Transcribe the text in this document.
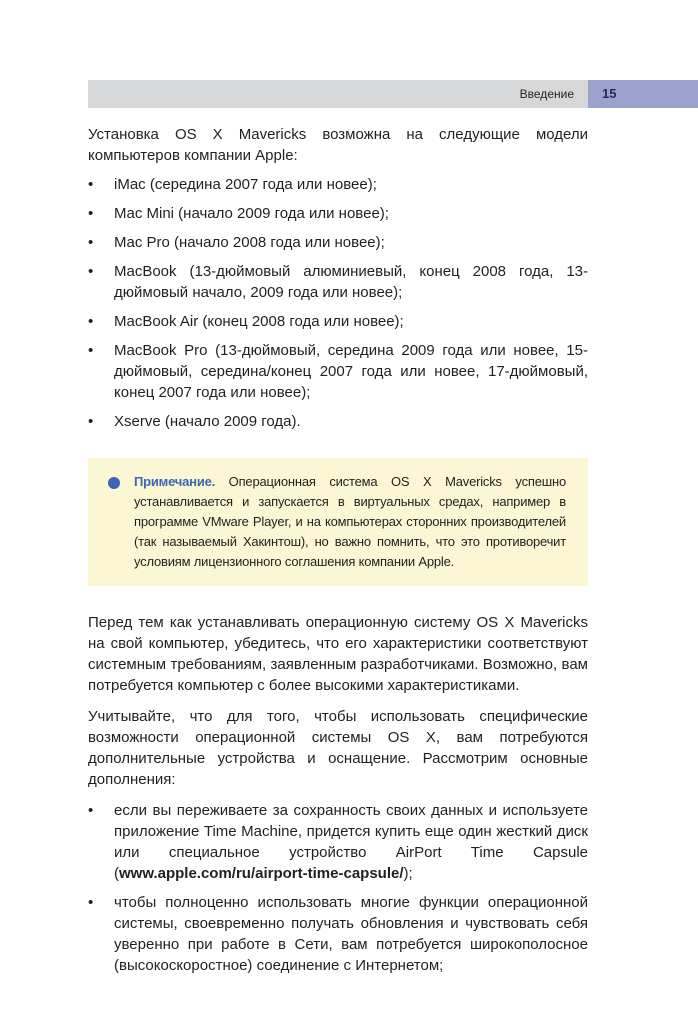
Введение 15

Установка OS X Mavericks возможна на следующие модели компьютеров компании Apple:

• iMac (середина 2007 года или новее);
• Mac Mini (начало 2009 года или новее);
• Mac Pro (начало 2008 года или новее);
• MacBook (13-дюймовый алюминиевый, конец 2008 года, 13-дюймовый начало, 2009 года или новее);
• MacBook Air (конец 2008 года или новее);
• MacBook Pro (13-дюймовый, середина 2009 года или новее, 15-дюймовый, середина/конец 2007 года или новее, 17-дюймовый, конец 2007 года или новее);
• Xserve (начало 2009 года).
Примечание. Операционная система OS X Mavericks успешно устанавливается и запускается в виртуальных средах, например в программе VMware Player, и на компьютерах сторонних производителей (так называемый Хакинтош), но важно помнить, что это противоречит условиям лицензионного соглашения компании Apple.

Перед тем как устанавливать операционную систему OS X Mavericks на свой компьютер, убедитесь, что его характеристики соответствуют системным требованиям, заявленным разработчиками. Возможно, вам потребуется компьютер с более высокими характеристиками.

Учитывайте, что для того, чтобы использовать специфические возможности операционной системы OS X, вам потребуются дополнительные устройства и оснащение. Рассмотрим основные дополнения:

• если вы переживаете за сохранность своих данных и используете приложение Time Machine, придется купить еще один жесткий диск или специальное устройство AirPort Time Capsule (www.apple.com/ru/airport-time-capsule/);
• чтобы полноценно использовать многие функции операционной системы, своевременно получать обновления и чувствовать себя уверенно при работе в Сети, вам потребуется широкополосное (высокоскоростное) соединение с Интернетом;
